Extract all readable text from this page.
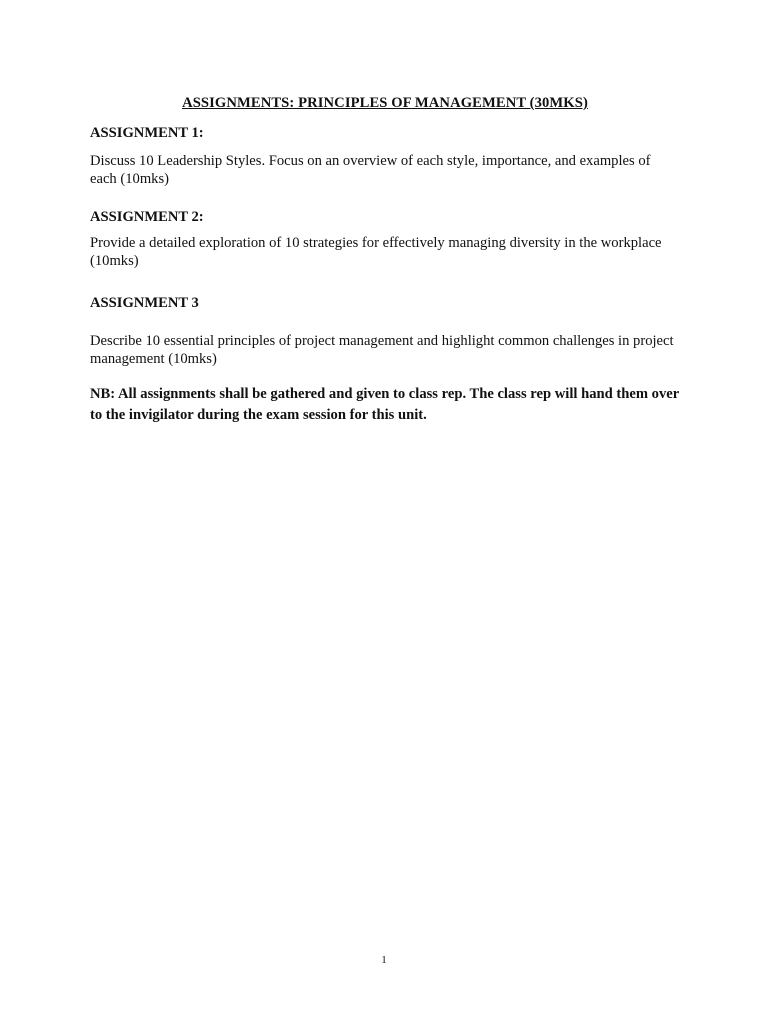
ASSIGNMENTS: PRINCIPLES OF MANAGEMENT (30MKS)
ASSIGNMENT 1:

Discuss 10 Leadership Styles. Focus on an overview of each style, importance, and examples of each (10mks)

ASSIGNMENT 2:

Provide a detailed exploration of 10 strategies for effectively managing diversity in the workplace (10mks)

ASSIGNMENT 3

Describe 10 essential principles of project management and highlight common challenges in project management (10mks)

NB: All assignments shall be gathered and given to class rep. The class rep will hand them over to the invigilator during the exam session for this unit.

1
